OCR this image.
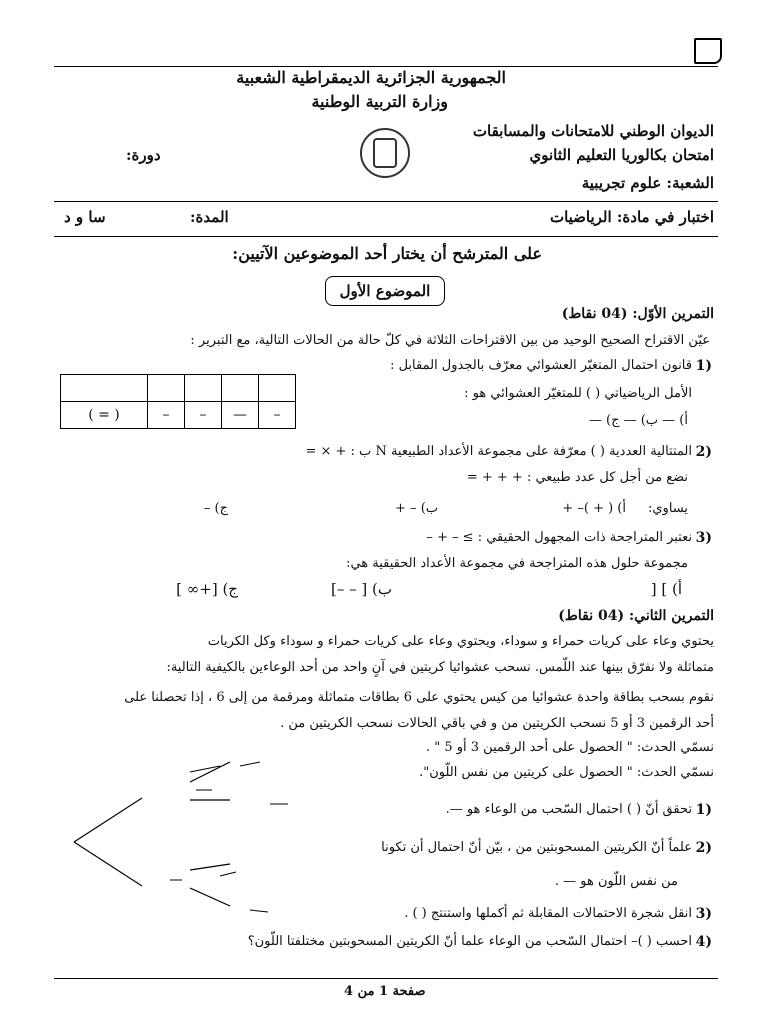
الجمهورية الجزائرية الديمقراطية الشعبية
وزارة التربية الوطنية
الديوان الوطني للامتحانات والمسابقات
امتحان بكالوريا التعليم الثانوي
الشعبة: علوم تجريبية
دورة:
اختبار في مادة: الرياضيات
المدة:
سا و د
على المترشح أن يختار أحد الموضوعين الآتيين:
الموضوع الأول
التمرين الأوّل: (04 نقاط)
عيّن الاقتراح الصحيح الوحيد من بين الاقتراحات الثلاثة في كلّ حالة من الحالات التالية، مع التبرير :
1)
قانون احتمال المتغيّر العشوائي معرّف بالجدول المقابل :

( = )	–	–	—	–
الأمل الرياضياتي ( ) للمتغيّر العشوائي هو :
أ) — ب) — ج) —
2)
المتتالية العددية ( ) معرّفة على مجموعة الأعداد الطبيعية N ب : + × =
نضع من أجل كل عدد طبيعي : + + + =
يساوي:
أ) ( + )– +
ب) – +
ج) –
3)
نعتبر المتراجحة ذات المجهول الحقيقي : ≥ – + –
مجموعة حلول هذه المتراجحة في مجموعة الأعداد الحقيقية هي:
أ) ] [
ب) [ – –]
ج) [+∞ ]
التمرين الثاني: (04 نقاط)
يحتوي وعاء على كريات حمراء و سوداء، ويحتوي وعاء على كريات حمراء و سوداء وكل الكريات
متماثلة ولا نفرّق بينها عند اللّمس. نسحب عشوائيا كريتين في آنٍ واحد من أحد الوعاءين بالكيفية التالية:
نقوم بسحب بطاقة واحدة عشوائيا من كيس يحتوي على 6 بطاقات متماثلة ومرقمة من إلى 6 ، إذا تحصلنا على
أحد الرقمين 3 أو 5 نسحب الكريتين من و في باقي الحالات نسحب الكريتين من .
نسمّي الحدث: " الحصول على أحد الرقمين 3 أو 5 " .
نسمّي الحدث: " الحصول على كريتين من نفس اللّون".
1)
تحقق أنّ ( ) احتمال السّحب من الوعاء هو —.
2)
علماً أنّ الكريتين المسحوبتين من ، بيّن أنّ احتمال أن تكونا
من نفس اللّون هو — .
3)
انقل شجرة الاحتمالات المقابلة ثم أكملها واستنتج ( ) .
4)
احسب ( )– احتمال السّحب من الوعاء علما أنّ الكريتين المسحوبتين مختلفتا اللّون؟
صفحة 1 من 4
